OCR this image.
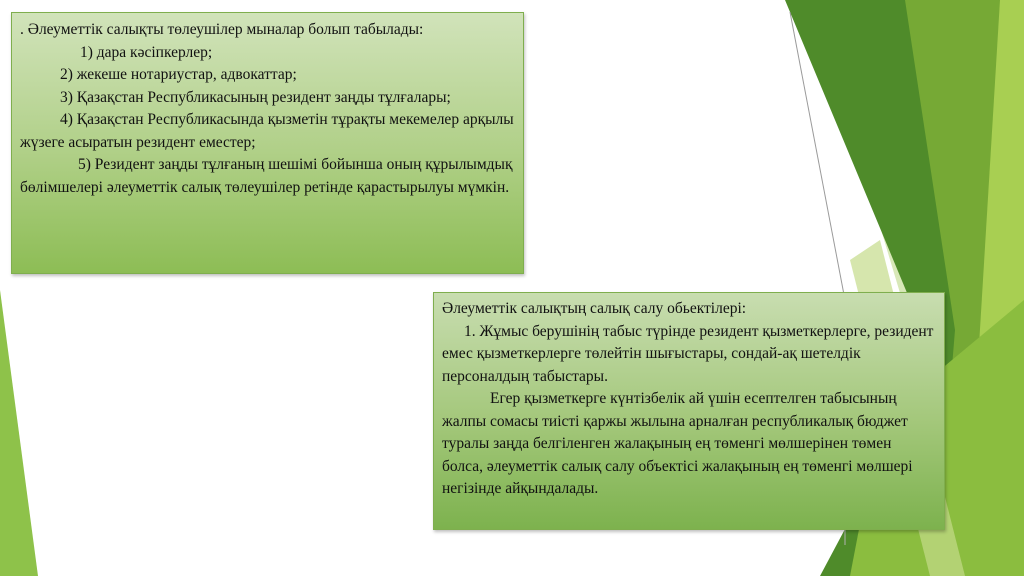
. Әлеуметтік салықты төлеушілер мыналар болып табылады:
1) дара кәсіпкерлер;
2) жекеше нотариустар, адвокаттар;
3) Қазақстан Республикасының резидент заңды тұлғалары;
4) Қазақстан Республикасында қызметін тұрақты мекемелер арқылы жүзеге асыратын резидент еместер;
5) Резидент заңды тұлғаның шешімі бойынша оның құрылымдық бөлімшелері әлеуметтік салық төлеушілер ретінде қарастырылуы мүмкін.
Әлеуметтік салықтың салық салу обьектілері:
1. Жұмыс берушінің табыс түрінде резидент қызметкерлерге, резидент емес қызметкерлерге төлейтін шығыстары, сондай-ақ шетелдік персоналдың табыстары.
Егер қызметкерге күнтізбелік ай үшін есептелген табысының жалпы сомасы тиісті қаржы жылына арналған республикалық бюджет туралы заңда белгіленген жалақының ең төменгі мөлшерінен төмен болса, әлеуметтік салық салу объектісі жалақының ең төменгі мөлшері негізінде айқындалады.
